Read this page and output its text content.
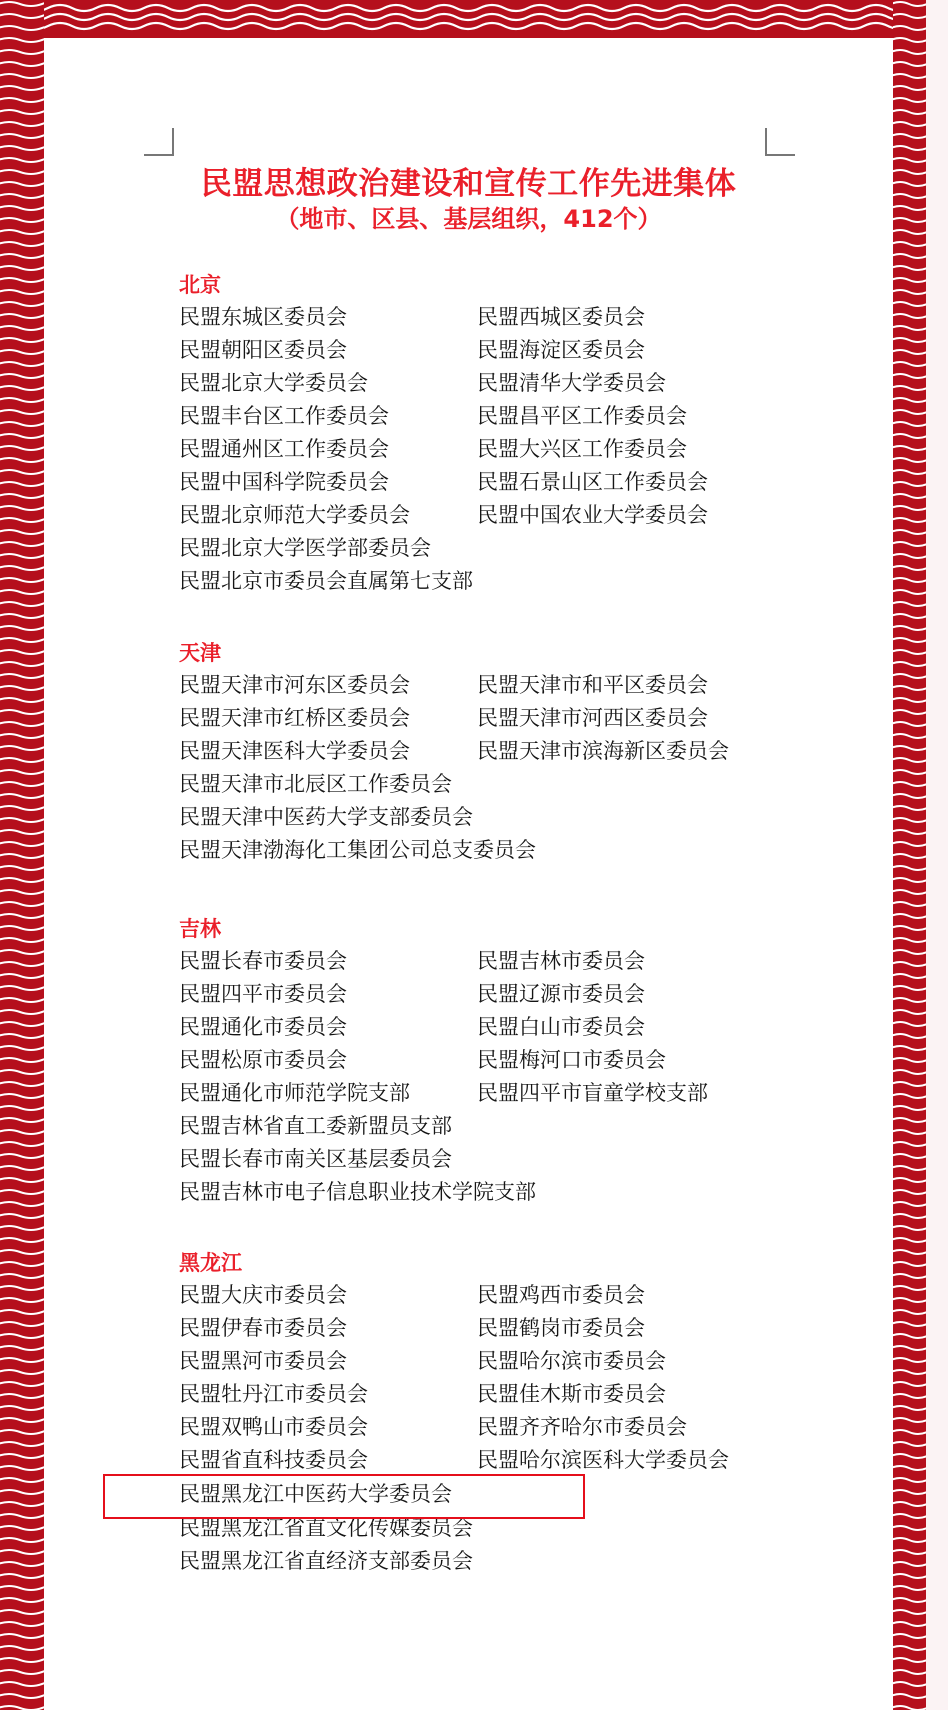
民盟思想政治建设和宣传工作先进集体
（地市、区县、基层组织，412个）
北京
民盟东城区委员会	民盟西城区委员会
民盟朝阳区委员会	民盟海淀区委员会
民盟北京大学委员会	民盟清华大学委员会
民盟丰台区工作委员会	民盟昌平区工作委员会
民盟通州区工作委员会	民盟大兴区工作委员会
民盟中国科学院委员会	民盟石景山区工作委员会
民盟北京师范大学委员会	民盟中国农业大学委员会
民盟北京大学医学部委员会
民盟北京市委员会直属第七支部
天津
民盟天津市河东区委员会	民盟天津市和平区委员会
民盟天津市红桥区委员会	民盟天津市河西区委员会
民盟天津医科大学委员会	民盟天津市滨海新区委员会
民盟天津市北辰区工作委员会
民盟天津中医药大学支部委员会
民盟天津渤海化工集团公司总支委员会
吉林
民盟长春市委员会	民盟吉林市委员会
民盟四平市委员会	民盟辽源市委员会
民盟通化市委员会	民盟白山市委员会
民盟松原市委员会	民盟梅河口市委员会
民盟通化市师范学院支部	民盟四平市盲童学校支部
民盟吉林省直工委新盟员支部
民盟长春市南关区基层委员会
民盟吉林市电子信息职业技术学院支部
黑龙江
民盟大庆市委员会	民盟鸡西市委员会
民盟伊春市委员会	民盟鹤岗市委员会
民盟黑河市委员会	民盟哈尔滨市委员会
民盟牡丹江市委员会	民盟佳木斯市委员会
民盟双鸭山市委员会	民盟齐齐哈尔市委员会
民盟省直科技委员会	民盟哈尔滨医科大学委员会
民盟黑龙江中医药大学委员会
民盟黑龙江省直文化传媒委员会
民盟黑龙江省直经济支部委员会
